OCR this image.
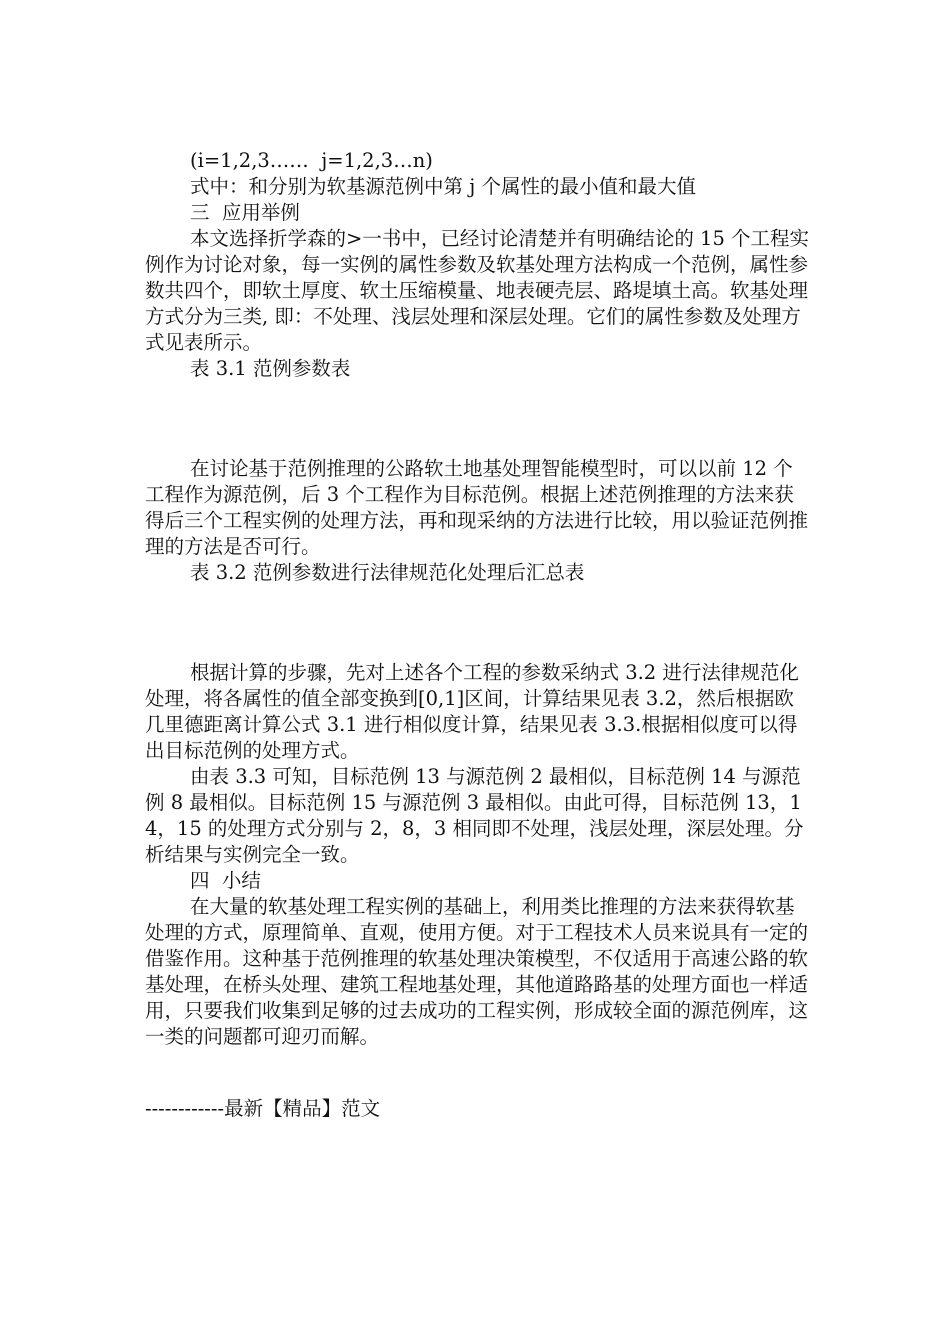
(i=1,2,3……  j=1,2,3…n)

式中：和分别为软基源范例中第 j 个属性的最小值和最大值

三  应用举例

本文选择折学森的>一书中，已经讨论清楚并有明确结论的 15 个工程实例作为讨论对象，每一实例的属性参数及软基处理方法构成一个范例，属性参数共四个，即软土厚度、软土压缩模量、地表硬壳层、路堤填土高。软基处理方式分为三类, 即：不处理、浅层处理和深层处理。它们的属性参数及处理方式见表所示。

表 3.1 范例参数表

在讨论基于范例推理的公路软土地基处理智能模型时，可以以前 12 个工程作为源范例，后 3 个工程作为目标范例。根据上述范例推理的方法来获得后三个工程实例的处理方法，再和现采纳的方法进行比较，用以验证范例推理的方法是否可行。

表 3.2 范例参数进行法律规范化处理后汇总表

根据计算的步骤，先对上述各个工程的参数采纳式 3.2 进行法律规范化处理，将各属性的值全部变换到[0,1]区间，计算结果见表 3.2，然后根据欧几里德距离计算公式 3.1 进行相似度计算，结果见表 3.3.根据相似度可以得出目标范例的处理方式。

由表 3.3 可知，目标范例 13 与源范例 2 最相似，目标范例 14 与源范例 8 最相似。目标范例 15 与源范例 3 最相似。由此可得，目标范例 13，14，15 的处理方式分别与 2，8，3 相同即不处理，浅层处理，深层处理。分析结果与实例完全一致。

四  小结

在大量的软基处理工程实例的基础上，利用类比推理的方法来获得软基处理的方式，原理简单、直观，使用方便。对于工程技术人员来说具有一定的借鉴作用。这种基于范例推理的软基处理决策模型，不仅适用于高速公路的软基处理，在桥头处理、建筑工程地基处理，其他道路路基的处理方面也一样适用，只要我们收集到足够的过去成功的工程实例，形成较全面的源范例库，这一类的问题都可迎刃而解。

------------最新【精品】范文
